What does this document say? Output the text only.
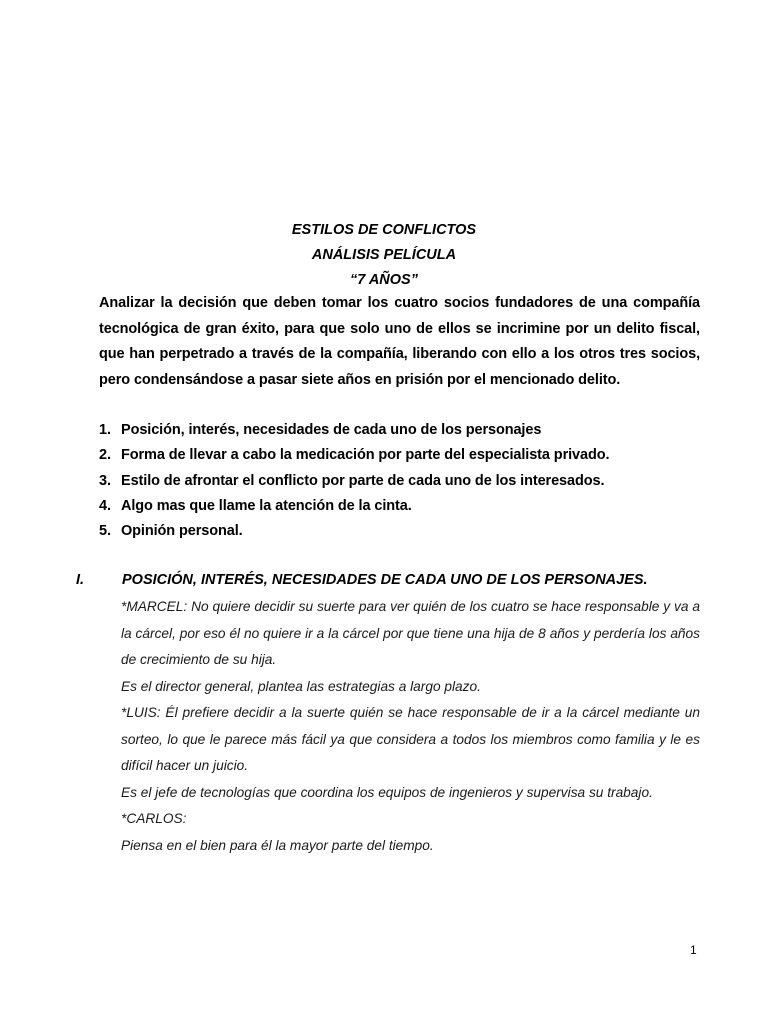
ESTILOS DE CONFLICTOS
ANÁLISIS PELÍCULA
“7 AÑOS”
Analizar la decisión que deben tomar los cuatro socios fundadores de una compañía tecnológica de gran éxito, para que solo uno de ellos se incrimine por un delito fiscal, que han perpetrado a través de la compañía, liberando con ello a los otros tres socios, pero condensándose a pasar siete años en prisión por el mencionado delito.
1. Posición, interés, necesidades de cada uno de los personajes
2. Forma de llevar a cabo la medicación por parte del especialista privado.
3. Estilo de afrontar el conflicto por parte de cada uno de los interesados.
4. Algo mas que llame la atención de la cinta.
5. Opinión personal.
I.	POSICIÓN, INTERÉS, NECESIDADES DE CADA UNO DE LOS PERSONAJES.

*MARCEL: No quiere decidir su suerte para ver quién de los cuatro se hace responsable y va a la cárcel, por eso él no quiere ir a la cárcel por que tiene una hija de 8 años y perdería los años de crecimiento de su hija.

Es el director general, plantea las estrategias a largo plazo.

*LUIS: Él prefiere decidir a la suerte quién se hace responsable de ir a la cárcel mediante un sorteo, lo que le parece más fácil ya que considera a todos los miembros como familia y le es difícil hacer un juicio.

Es el jefe de tecnologías que coordina los equipos de ingenieros y supervisa su trabajo.

*CARLOS:

Piensa en el bien para él la mayor parte del tiempo.

1
